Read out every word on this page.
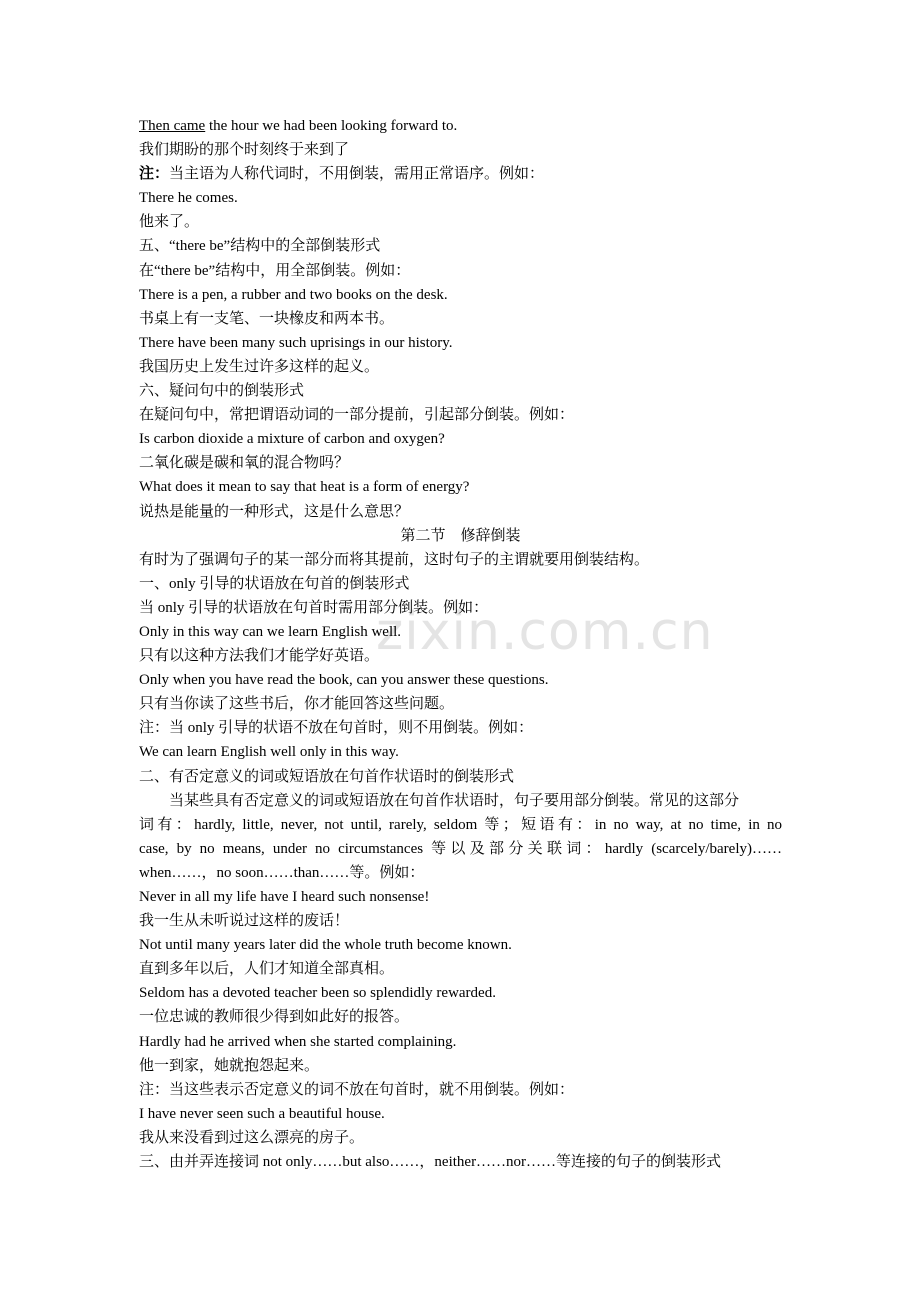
zixin.com.cn
Then came the hour we had been looking forward to.
我们期盼的那个时刻终于来到了
注：当主语为人称代词时，不用倒装，需用正常语序。例如：
There he comes.
他来了。
五、“there be”结构中的全部倒装形式
在“there be”结构中，用全部倒装。例如：
There is a pen, a rubber and two books on the desk.
书桌上有一支笔、一块橡皮和两本书。
There have been many such uprisings in our history.
我国历史上发生过许多这样的起义。
六、疑问句中的倒装形式
在疑问句中，常把谓语动词的一部分提前，引起部分倒装。例如：
Is carbon dioxide a mixture of carbon and oxygen?
二氧化碳是碳和氧的混合物吗？
What does it mean to say that heat is a form of energy?
说热是能量的一种形式，这是什么意思？
第二节　修辞倒装
有时为了强调句子的某一部分而将其提前，这时句子的主谓就要用倒装结构。
一、only 引导的状语放在句首的倒装形式
当 only 引导的状语放在句首时需用部分倒装。例如：
Only in this way can we learn English well.
只有以这种方法我们才能学好英语。
Only when you have read the book, can you answer these questions.
只有当你读了这些书后，你才能回答这些问题。
注：当 only 引导的状语不放在句首时，则不用倒装。例如：
We can learn English well only in this way.
二、有否定意义的词或短语放在句首作状语时的倒装形式
当某些具有否定意义的词或短语放在句首作状语时，句子要用部分倒装。常见的这部分
词有：hardly, little, never, not until, rarely, seldom 等；短语有：in no way, at no time, in no
case, by no means, under no circumstances 等以及部分关联词：hardly (scarcely/barely)……
when……，no soon……than……等。例如：
Never in all my life have I heard such nonsense!
我一生从未听说过这样的废话！
Not until many years later did the whole truth become known.
直到多年以后，人们才知道全部真相。
Seldom has a devoted teacher been so splendidly rewarded.
一位忠诚的教师很少得到如此好的报答。
Hardly had he arrived when she started complaining.
他一到家，她就抱怨起来。
注：当这些表示否定意义的词不放在句首时，就不用倒装。例如：
I have never seen such a beautiful house.
我从来没看到过这么漂亮的房子。
三、由并弄连接词 not only……but also……，neither……nor……等连接的句子的倒装形式
